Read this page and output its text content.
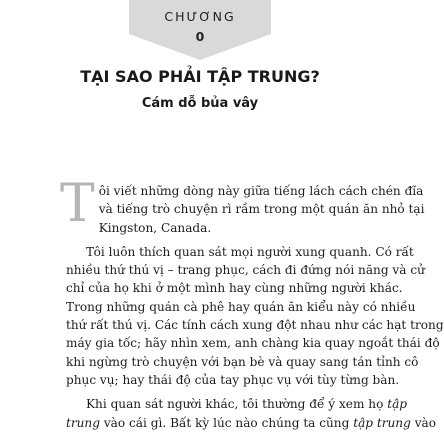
CHƯƠNG
0
TẠI SAO PHẢI TẬP TRUNG?
Cám dỗ bủa vây

T ôi viết những dòng này giữa tiếng lách cách chén đĩa
và tiếng trò chuyện rì rầm trong một quán ăn nhỏ tại
Kingston, Canada.

Tôi luôn thích quan sát mọi người xung quanh. Có rất
nhiều thứ thú vị – trang phục, cách đi đứng nói năng và cử
chỉ của họ khi ở một mình hay cùng những người khác.
Trong những quán cà phê hay quán ăn kiểu này có nhiều
thứ rất thú vị. Các tính cách xung đột nhau như các hạt trong
máy gia tốc; hãy nhìn xem, anh chàng kia quay ngoắt thái độ
khi ngừng trò chuyện với bạn bè và quay sang tán tỉnh cô
phục vụ; hay thái độ của tay phục vụ với tùy từng bàn.

Khi quan sát người khác, tôi thường để ý xem họ tập
trung vào cái gì. Bất kỳ lúc nào chúng ta cũng tập trung vào
